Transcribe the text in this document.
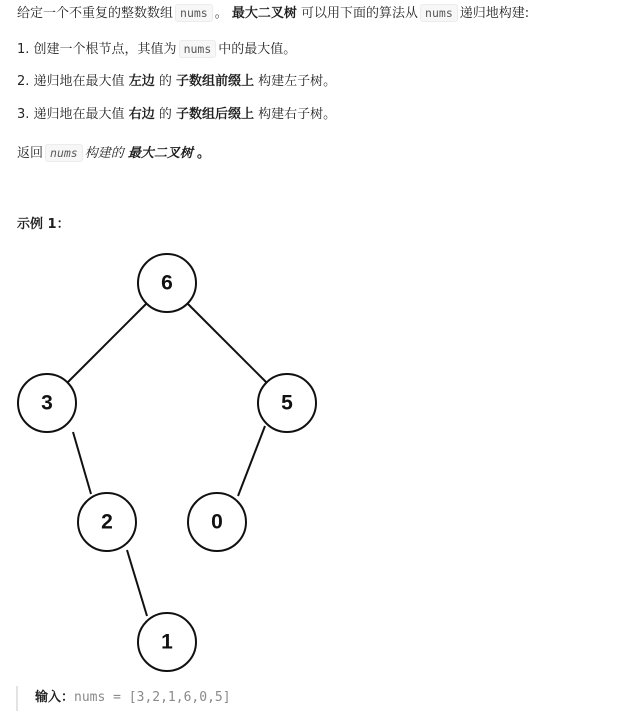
给定一个不重复的整数数组 nums 。 最大二叉树 可以用下面的算法从 nums 递归地构建:
1. 创建一个根节点，其值为 nums 中的最大值。
2. 递归地在最大值 左边 的 子数组前缀上 构建左子树。
3. 递归地在最大值 右边 的 子数组后缀上 构建右子树。
返回 nums 构建的 最大二叉树 。
示例 1：
6
3	5
2	0
1
输入：nums = [3,2,1,6,0,5]
